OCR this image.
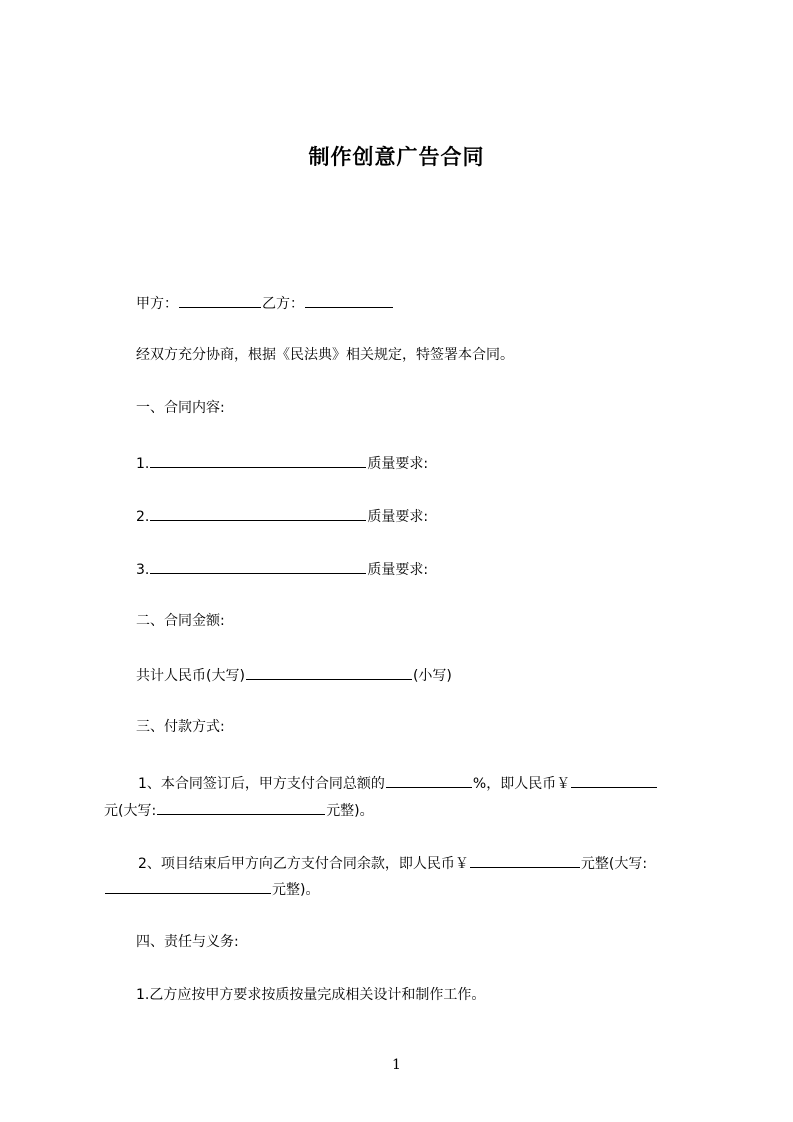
制作创意广告合同
甲方：	乙方：
经双方充分协商，根据《民法典》相关规定，特签署本合同。
一、合同内容:
1.	质量要求:
2.	质量要求:
3.	质量要求:
二、合同金额:
共计人民币(大写)	(小写)
三、付款方式:
1、本合同签订后，甲方支付合同总额的	%，即人民币￥
元(大写:	元整)。
2、项目结束后甲方向乙方支付合同余款，即人民币￥	元整(大写:
元整)。
四、责任与义务:
1.乙方应按甲方要求按质按量完成相关设计和制作工作。
1
